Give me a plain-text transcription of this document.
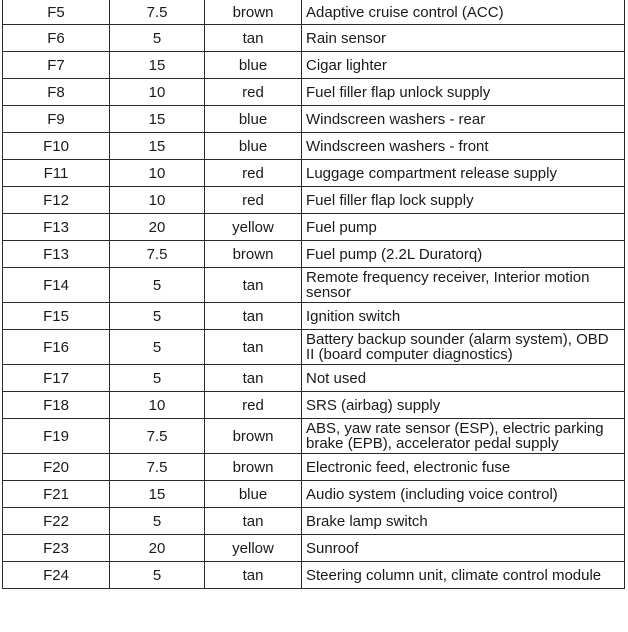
F5	7.5	brown	Adaptive cruise control (ACC)
F6	5	tan	Rain sensor
F7	15	blue	Cigar lighter
F8	10	red	Fuel filler flap unlock supply
F9	15	blue	Windscreen washers - rear
F10	15	blue	Windscreen washers - front
F11	10	red	Luggage compartment release supply
F12	10	red	Fuel filler flap lock supply
F13	20	yellow	Fuel pump
F13	7.5	brown	Fuel pump (2.2L Duratorq)
F14	5	tan	Remote frequency receiver, Interior motion sensor
F15	5	tan	Ignition switch
F16	5	tan	Battery backup sounder (alarm system), OBD II (board computer diagnostics)
F17	5	tan	Not used
F18	10	red	SRS (airbag) supply
F19	7.5	brown	ABS, yaw rate sensor (ESP), electric parking brake (EPB), accelerator pedal supply
F20	7.5	brown	Electronic feed, electronic fuse
F21	15	blue	Audio system (including voice control)
F22	5	tan	Brake lamp switch
F23	20	yellow	Sunroof
F24	5	tan	Steering column unit, climate control module
